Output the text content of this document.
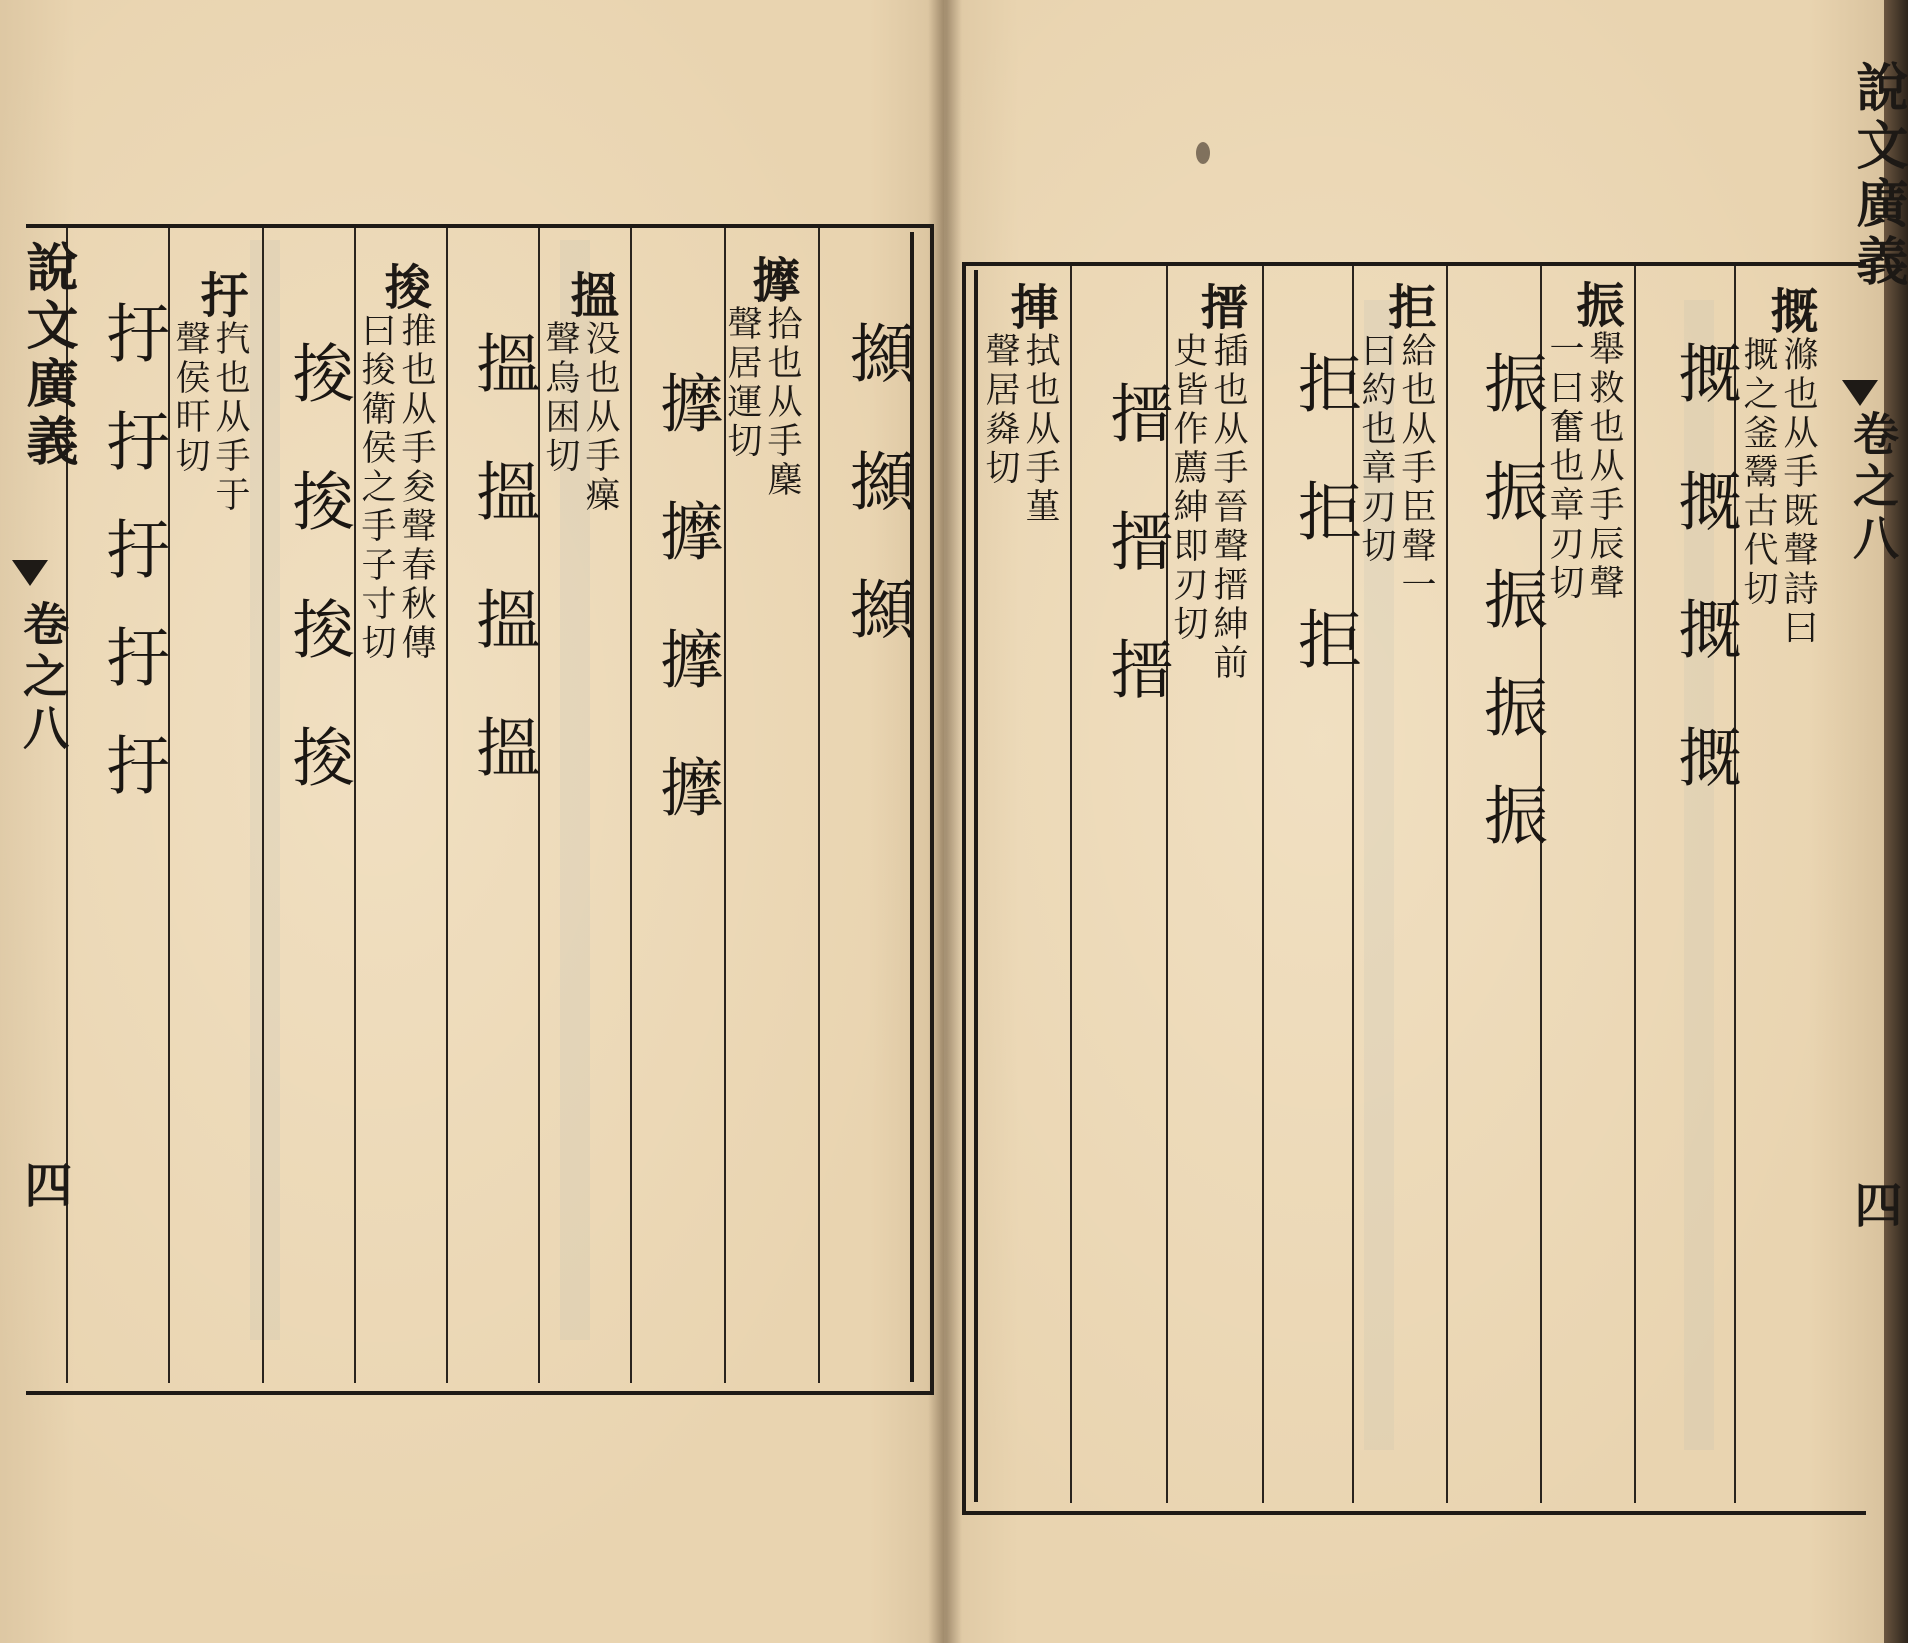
說文廣義
卷之八
四
㩪㩪㩪
擵
拾也从手麇
聲居運切
擵擵擵擵
搵
没也从手㿋
聲烏困切
搵搵搵搵
捘
推也从手夋聲春秋傳
曰捘衛侯之手子寸切
捘捘捘捘
扜
㧉也从手于
聲侯旰切
扜扜扜扜扜
說文廣義
卷之八
四
摡
滌也从手既聲詩曰
摡之釜鬵古代切
摡摡摡摡
振
舉救也从手辰聲
一曰奮也章刃切
振振振振振
拒
給也从手臣聲一
曰約也章刃切
拒拒拒
搢
插也从手晉聲搢紳前
史皆作薦紳即刃切
搢搢搢
捙
拭也从手堇
聲居㷠切
